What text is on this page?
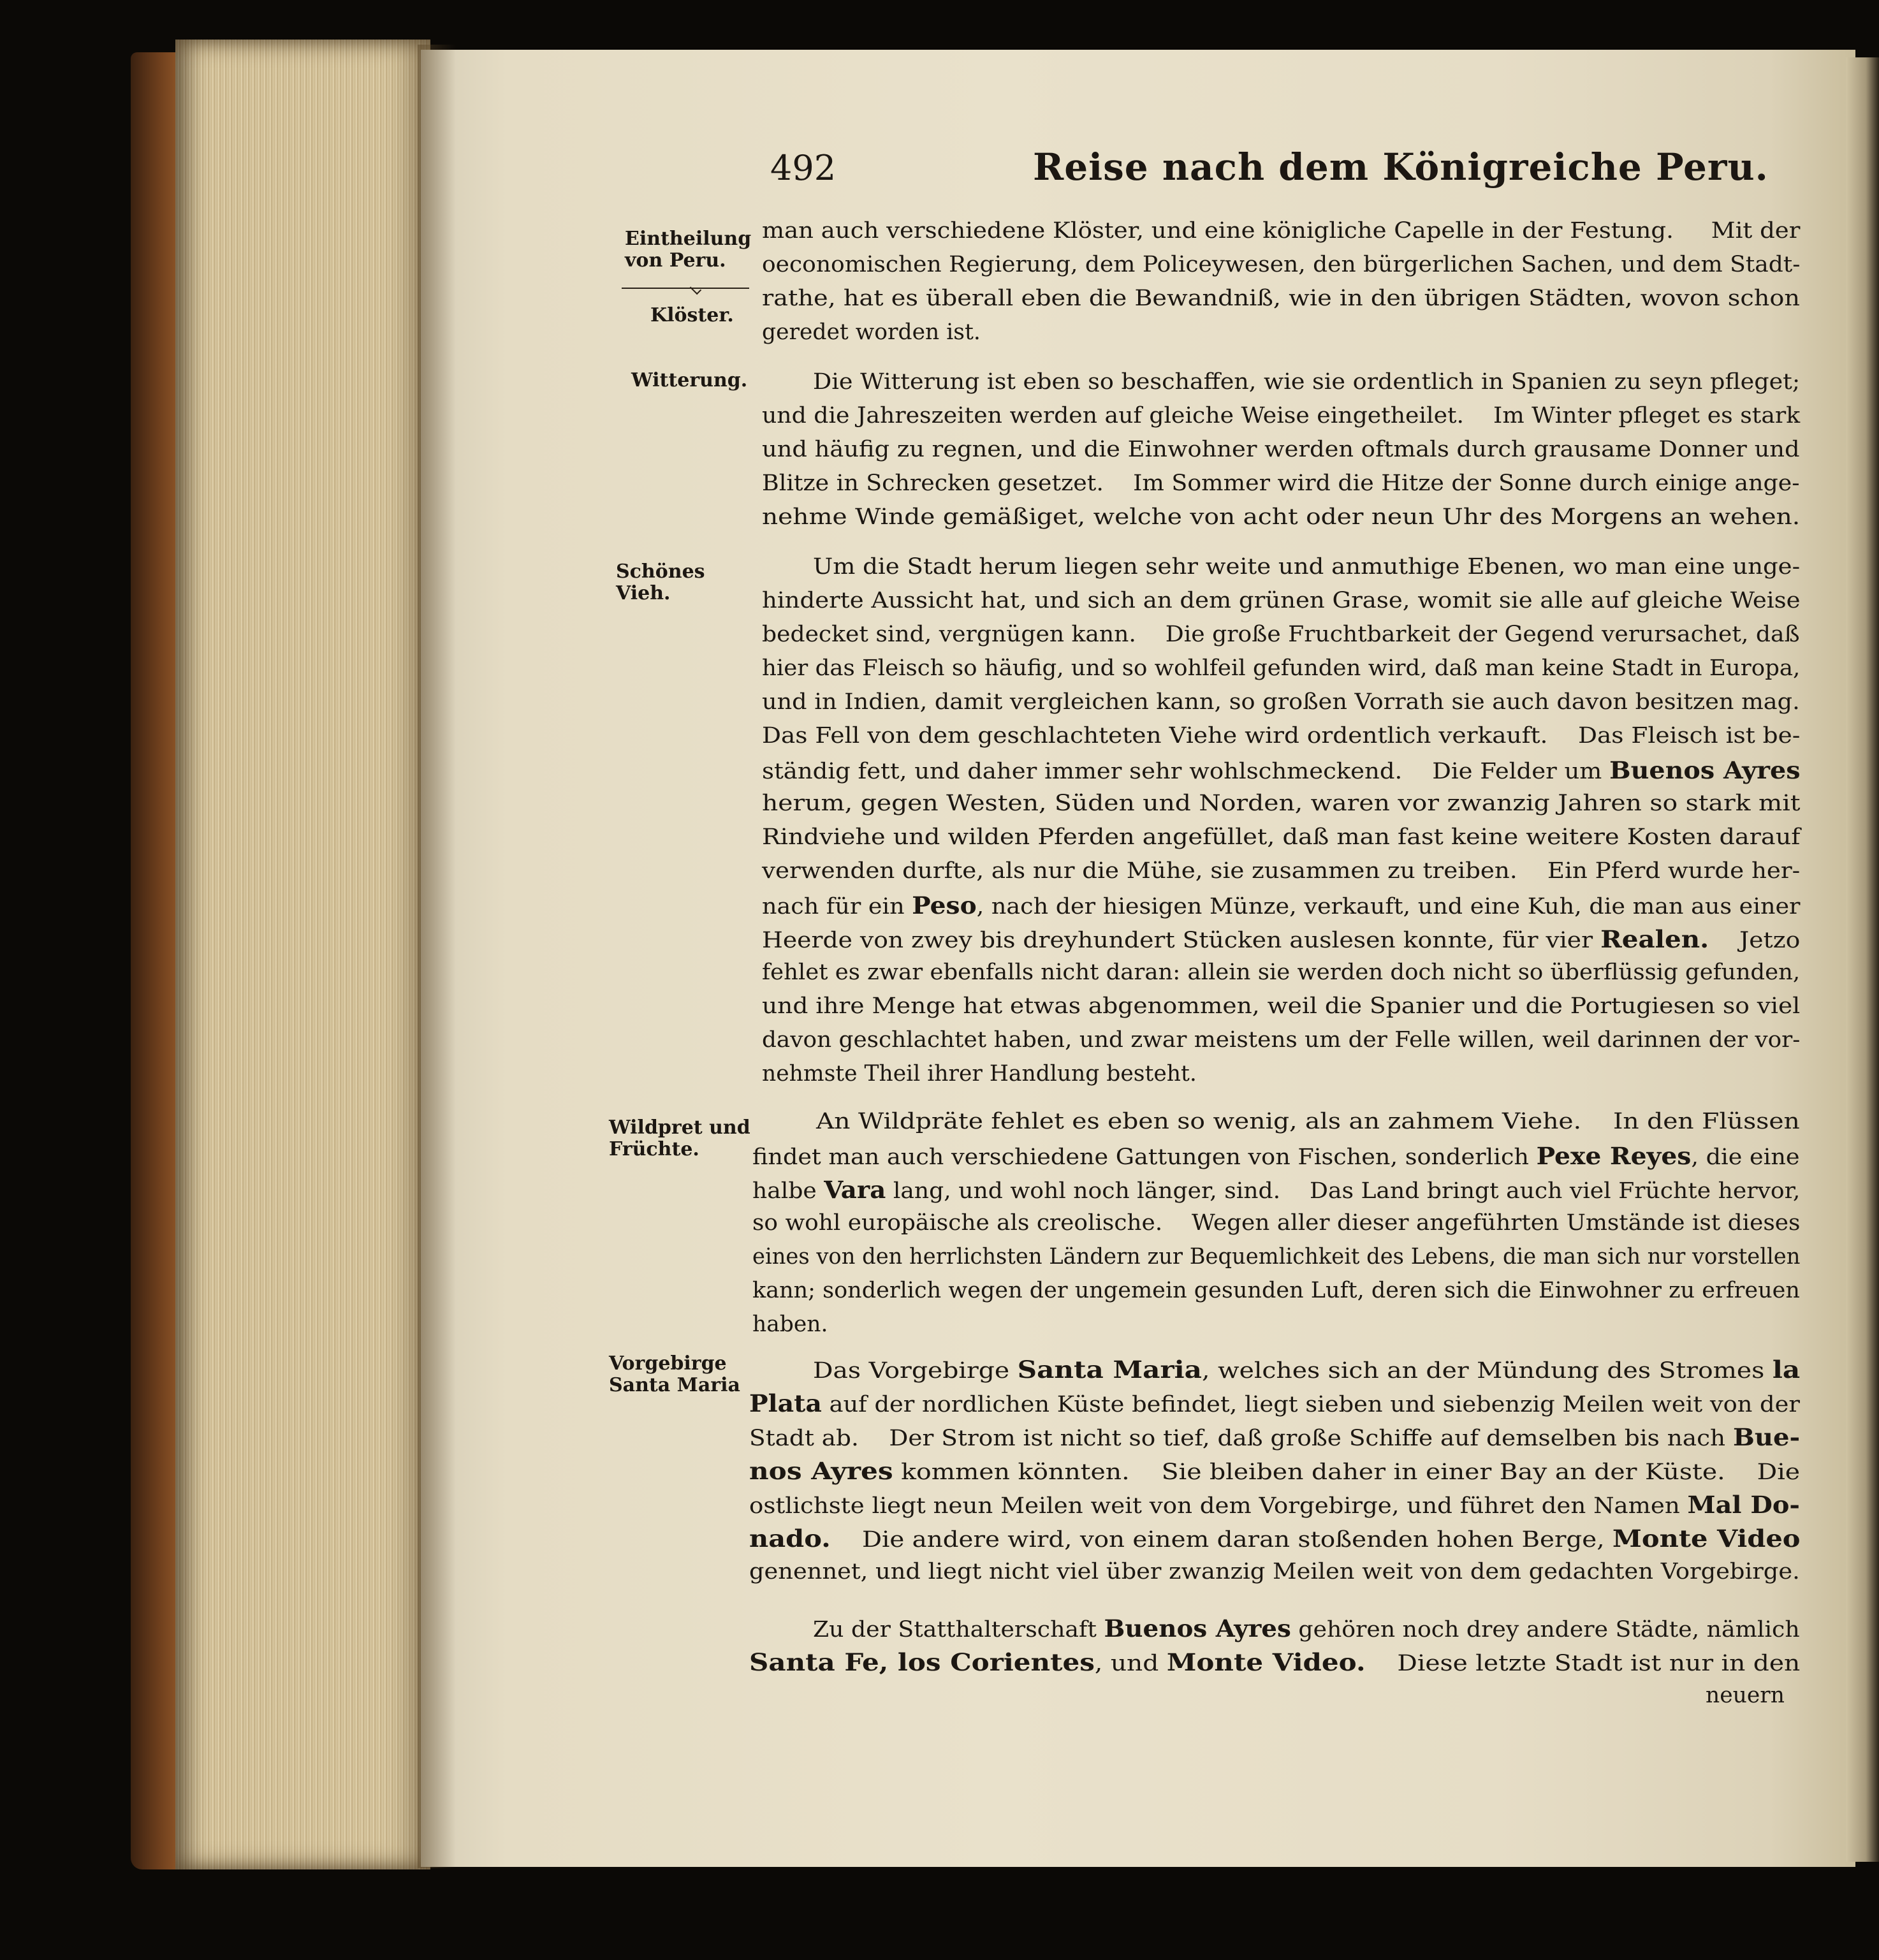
492	Reise nach dem Königreiche Peru.
Eintheilung
von Peru.
Klöster.
Witterung.
Schönes
Vieh.
Wildpret und
Früchte.
Vorgebirge
Santa Maria
man auch verschiedene Klöster, und eine königliche Capelle in der Festung.     Mit der
oeconomischen Regierung, dem Policeywesen, den bürgerlichen Sachen, und dem Stadt-
rathe, hat es überall eben die Bewandniß, wie in den übrigen Städten, wovon schon
geredet worden ist.
Die Witterung ist eben so beschaffen, wie sie ordentlich in Spanien zu seyn pfleget;
und die Jahreszeiten werden auf gleiche Weise eingetheilet.    Im Winter pfleget es stark
und häufig zu regnen, und die Einwohner werden oftmals durch grausame Donner und
Blitze in Schrecken gesetzet.    Im Sommer wird die Hitze der Sonne durch einige ange-
nehme Winde gemäßiget, welche von acht oder neun Uhr des Morgens an wehen.
Um die Stadt herum liegen sehr weite und anmuthige Ebenen, wo man eine unge-
hinderte Aussicht hat, und sich an dem grünen Grase, womit sie alle auf gleiche Weise
bedecket sind, vergnügen kann.    Die große Fruchtbarkeit der Gegend verursachet, daß
hier das Fleisch so häufig, und so wohlfeil gefunden wird, daß man keine Stadt in Europa,
und in Indien, damit vergleichen kann, so großen Vorrath sie auch davon besitzen mag.
Das Fell von dem geschlachteten Viehe wird ordentlich verkauft.    Das Fleisch ist be-
ständig fett, und daher immer sehr wohlschmeckend.    Die Felder um Buenos Ayres
herum, gegen Westen, Süden und Norden, waren vor zwanzig Jahren so stark mit
Rindviehe und wilden Pferden angefüllet, daß man fast keine weitere Kosten darauf
verwenden durfte, als nur die Mühe, sie zusammen zu treiben.    Ein Pferd wurde her-
nach für ein Peso, nach der hiesigen Münze, verkauft, und eine Kuh, die man aus einer
Heerde von zwey bis dreyhundert Stücken auslesen konnte, für vier Realen.    Jetzo
fehlet es zwar ebenfalls nicht daran: allein sie werden doch nicht so überflüssig gefunden,
und ihre Menge hat etwas abgenommen, weil die Spanier und die Portugiesen so viel
davon geschlachtet haben, und zwar meistens um der Felle willen, weil darinnen der vor-
nehmste Theil ihrer Handlung besteht.
An Wildpräte fehlet es eben so wenig, als an zahmem Viehe.    In den Flüssen
findet man auch verschiedene Gattungen von Fischen, sonderlich Pexe Reyes, die eine
halbe Vara lang, und wohl noch länger, sind.    Das Land bringt auch viel Früchte hervor,
so wohl europäische als creolische.    Wegen aller dieser angeführten Umstände ist dieses
eines von den herrlichsten Ländern zur Bequemlichkeit des Lebens, die man sich nur vorstellen
kann; sonderlich wegen der ungemein gesunden Luft, deren sich die Einwohner zu erfreuen
haben.
Das Vorgebirge Santa Maria, welches sich an der Mündung des Stromes la
Plata auf der nordlichen Küste befindet, liegt sieben und siebenzig Meilen weit von der
Stadt ab.    Der Strom ist nicht so tief, daß große Schiffe auf demselben bis nach Bue-
nos Ayres kommen könnten.    Sie bleiben daher in einer Bay an der Küste.    Die
ostlichste liegt neun Meilen weit von dem Vorgebirge, und führet den Namen Mal Do-
nado.    Die andere wird, von einem daran stoßenden hohen Berge, Monte Video
genennet, und liegt nicht viel über zwanzig Meilen weit von dem gedachten Vorgebirge.
Zu der Statthalterschaft Buenos Ayres gehören noch drey andere Städte, nämlich
Santa Fe, los Corientes, und Monte Video.    Diese letzte Stadt ist nur in den
neuern
